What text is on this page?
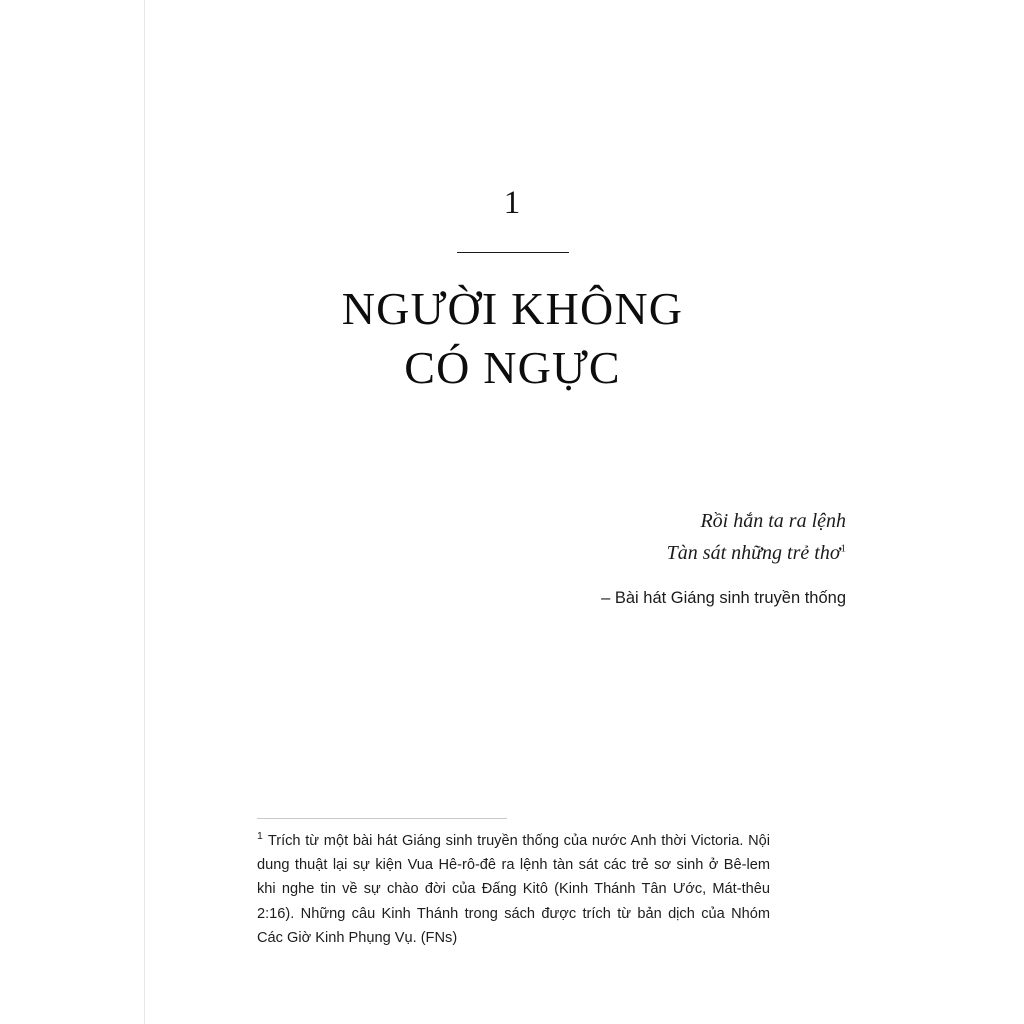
1
NGƯỜI KHÔNG
CÓ NGỰC
Rồi hắn ta ra lệnh
Tàn sát những trẻ thơ$^1$
– Bài hát Giáng sinh truyền thống
$^1$ Trích từ một bài hát Giáng sinh truyền thống của nước Anh thời Victoria. Nội dung thuật lại sự kiện Vua Hê-rô-đê ra lệnh tàn sát các trẻ sơ sinh ở Bê-lem khi nghe tin về sự chào đời của Đấng Kitô (Kinh Thánh Tân Ước, Mát-thêu 2:16). Những câu Kinh Thánh trong sách được trích từ bản dịch của Nhóm Các Giờ Kinh Phụng Vụ. (FNs)
